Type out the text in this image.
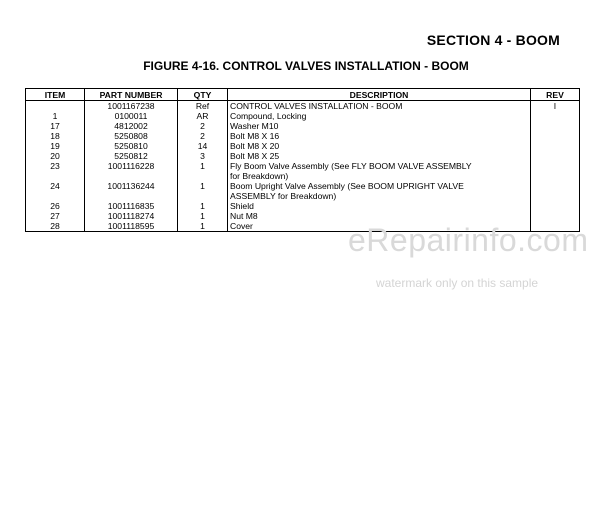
SECTION 4 - BOOM
FIGURE 4-16. CONTROL VALVES INSTALLATION - BOOM
ITEM	PART NUMBER	QTY	DESCRIPTION	REV
	1001167238	Ref	CONTROL VALVES INSTALLATION - BOOM	I
1	0100011	AR	Compound, Locking	
17	4812002	2	Washer M10	
18	5250808	2	Bolt M8 X 16	
19	5250810	14	Bolt M8 X 20	
20	5250812	3	Bolt M8 X 25	
23	1001116228	1	Fly Boom Valve Assembly (See FLY BOOM VALVE ASSEMBLY
for Breakdown)	

24	1001136244	1	Boom Upright Valve Assembly (See BOOM UPRIGHT VALVE
ASSEMBLY for Breakdown)	

26	1001116835	1	Shield	
27	1001118274	1	Nut M8	
28	1001118595	1	Cover		eRepairinfo.com
watermark only on this sample
